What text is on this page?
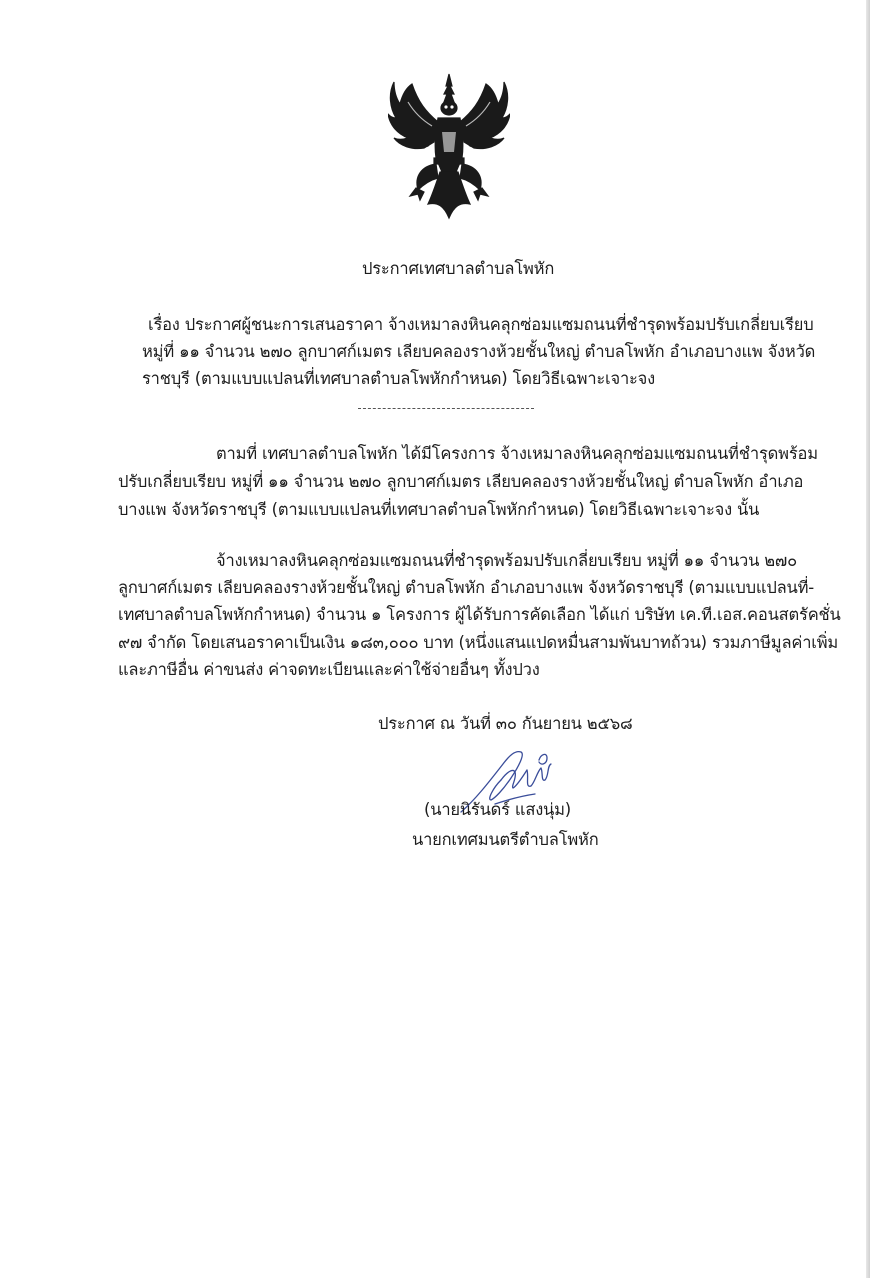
ประกาศเทศบาลตำบลโพหัก
เรื่อง ประกาศผู้ชนะการเสนอราคา จ้างเหมาลงหินคลุกซ่อมแซมถนนที่ชำรุดพร้อมปรับเกลี่ยบเรียบ
หมู่ที่ ๑๑ จำนวน ๒๗๐ ลูกบาศก์เมตร เลียบคลองรางห้วยชั้นใหญ่ ตำบลโพหัก อำเภอบางแพ จังหวัด
ราชบุรี (ตามแบบแปลนที่เทศบาลตำบลโพหักกำหนด) โดยวิธีเฉพาะเจาะจง
ตามที่ เทศบาลตำบลโพหัก ได้มีโครงการ จ้างเหมาลงหินคลุกซ่อมแซมถนนที่ชำรุดพร้อม
ปรับเกลี่ยบเรียบ หมู่ที่ ๑๑ จำนวน ๒๗๐ ลูกบาศก์เมตร เลียบคลองรางห้วยชั้นใหญ่ ตำบลโพหัก อำเภอ
บางแพ จังหวัดราชบุรี (ตามแบบแปลนที่เทศบาลตำบลโพหักกำหนด) โดยวิธีเฉพาะเจาะจง นั้น
จ้างเหมาลงหินคลุกซ่อมแซมถนนที่ชำรุดพร้อมปรับเกลี่ยบเรียบ หมู่ที่ ๑๑ จำนวน ๒๗๐
ลูกบาศก์เมตร เลียบคลองรางห้วยชั้นใหญ่ ตำบลโพหัก อำเภอบางแพ จังหวัดราชบุรี (ตามแบบแปลนที่-
เทศบาลตำบลโพหักกำหนด) จำนวน ๑ โครงการ ผู้ได้รับการคัดเลือก ได้แก่ บริษัท เค.ที.เอส.คอนสตรัคชั่น
๙๗ จำกัด โดยเสนอราคาเป็นเงิน ๑๘๓,๐๐๐ บาท (หนึ่งแสนแปดหมื่นสามพันบาทถ้วน) รวมภาษีมูลค่าเพิ่ม
และภาษีอื่น ค่าขนส่ง ค่าจดทะเบียนและค่าใช้จ่ายอื่นๆ ทั้งปวง
ประกาศ ณ วันที่ ๓๐ กันยายน ๒๕๖๘
(นายนิรันดร์ แสงนุ่ม)
นายกเทศมนตรีตำบลโพหัก
